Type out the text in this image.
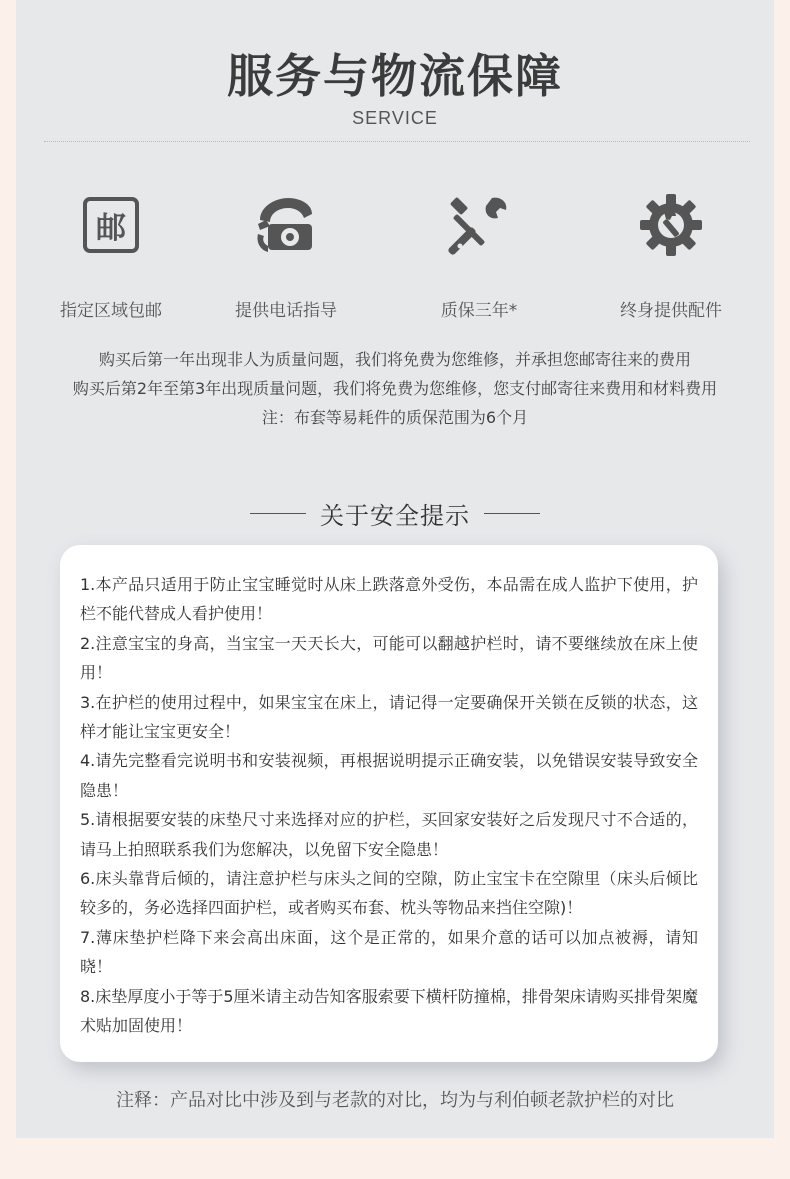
服务与物流保障
SERVICE
邮
指定区域包邮	提供电话指导	质保三年*	终身提供配件
购买后第一年出现非人为质量问题，我们将免费为您维修，并承担您邮寄往来的费用
购买后第2年至第3年出现质量问题，我们将免费为您维修，您支付邮寄往来费用和材料费用
注：布套等易耗件的质保范围为6个月
关于安全提示
1.本产品只适用于防止宝宝睡觉时从床上跌落意外受伤，本品需在成人监护下使用，护栏不能代替成人看护使用！
2.注意宝宝的身高，当宝宝一天天长大，可能可以翻越护栏时，请不要继续放在床上使用！
3.在护栏的使用过程中，如果宝宝在床上，请记得一定要确保开关锁在反锁的状态，这样才能让宝宝更安全！
4.请先完整看完说明书和安装视频，再根据说明提示正确安装，以免错误安装导致安全隐患！
5.请根据要安装的床垫尺寸来选择对应的护栏，买回家安装好之后发现尺寸不合适的，请马上拍照联系我们为您解决，以免留下安全隐患！
6.床头靠背后倾的，请注意护栏与床头之间的空隙，防止宝宝卡在空隙里（床头后倾比较多的，务必选择四面护栏，或者购买布套、枕头等物品来挡住空隙)！
7.薄床垫护栏降下来会高出床面，这个是正常的，如果介意的话可以加点被褥，请知晓！
8.床垫厚度小于等于5厘米请主动告知客服索要下横杆防撞棉，排骨架床请购买排骨架魔术贴加固使用！
注释：产品对比中涉及到与老款的对比，均为与利伯顿老款护栏的对比
